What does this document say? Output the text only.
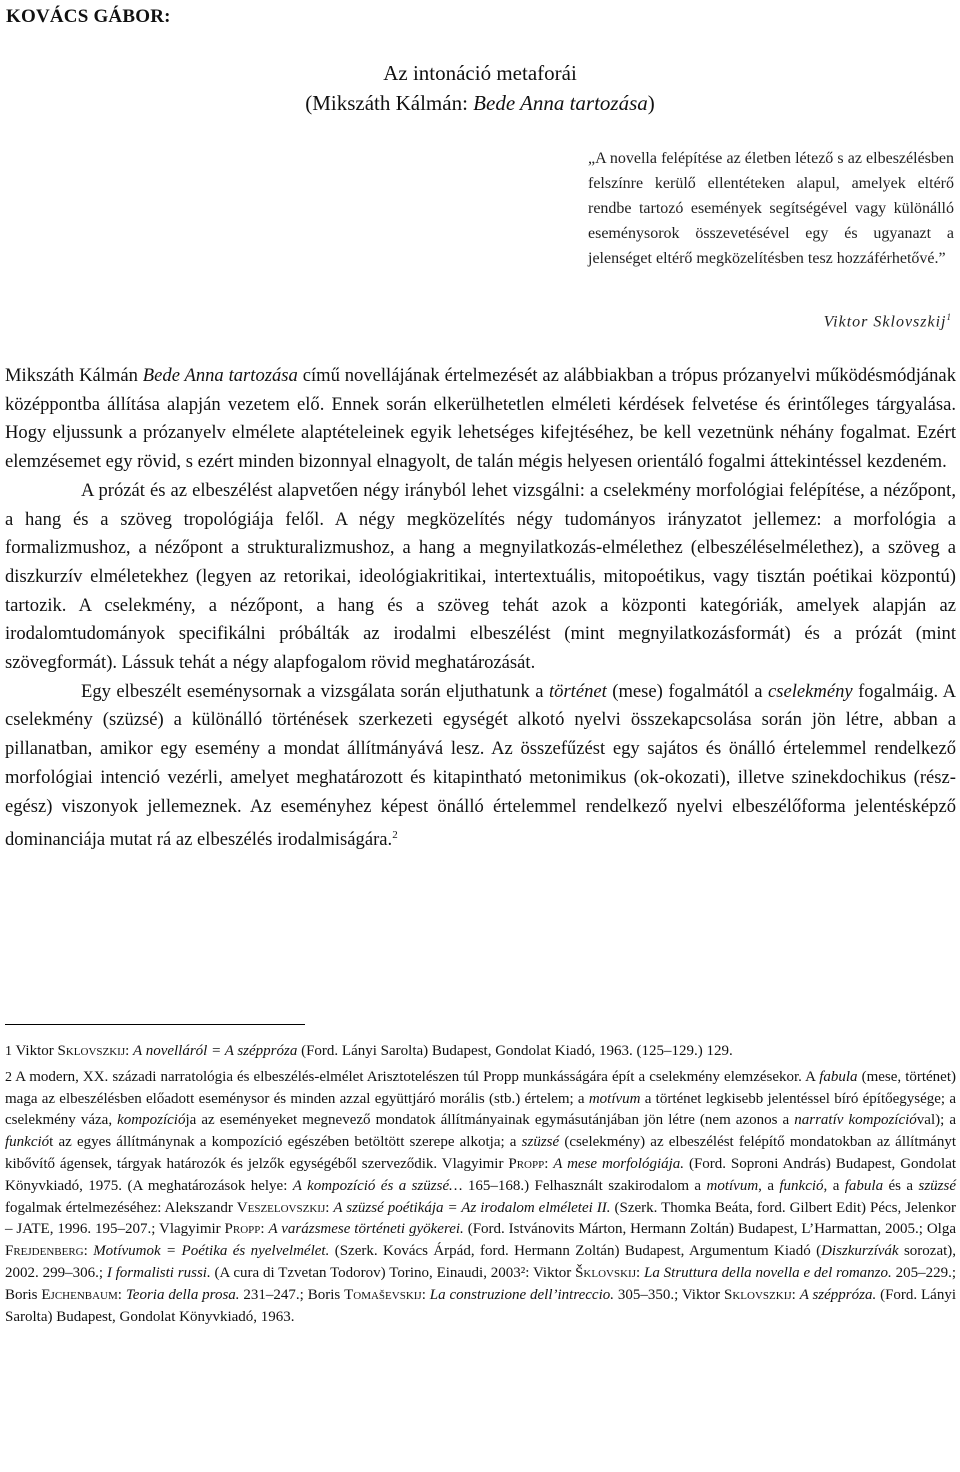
KOVÁCS GÁBOR:

Az intonáció metaforái

(Mikszáth Kálmán: Bede Anna tartozása)

„A novella felépítése az életben létező s az elbeszélésben felszínre kerülő ellentéteken alapul, amelyek eltérő rendbe tartozó események segítségével vagy különálló eseménysorok összevetésével egy és ugyanazt a jelenséget eltérő megközelítésben tesz hozzáférhetővé.”

Viktor Sklovszkij$^1$

Mikszáth Kálmán Bede Anna tartozása című novellájának értelmezését az alábbiakban a trópus prózanyelvi működésmódjának középpontba állítása alapján vezetem elő. Ennek során elkerülhetetlen elméleti kérdések felvetése és érintőleges tárgyalása. Hogy eljussunk a prózanyelv elmélete alaptételeinek egyik lehetséges kifejtéséhez, be kell vezetnünk néhány fogalmat. Ezért elemzésemet egy rövid, s ezért minden bizonnyal elnagyolt, de talán mégis helyesen orientáló fogalmi áttekintéssel kezdeném.

A prózát és az elbeszélést alapvetően négy irányból lehet vizsgálni: a cselekmény morfológiai felépítése, a nézőpont, a hang és a szöveg tropológiája felől. A négy megközelítés négy tudományos irányzatot jellemez: a morfológia a formalizmushoz, a nézőpont a strukturalizmushoz, a hang a megnyilatkozás-elmélethez (elbeszéléselmélethez), a szöveg a diszkurzív elméletekhez (legyen az retorikai, ideológiakritikai, intertextuális, mitopoétikus, vagy tisztán poétikai központú) tartozik. A cselekmény, a nézőpont, a hang és a szöveg tehát azok a központi kategóriák, amelyek alapján az irodalomtudományok specifikálni próbálták az irodalmi elbeszélést (mint megnyilatkozásformát) és a prózát (mint szövegformát). Lássuk tehát a négy alapfogalom rövid meghatározását.

Egy elbeszélt eseménysornak a vizsgálata során eljuthatunk a történet (mese) fogalmától a cselekmény fogalmáig. A cselekmény (szüzsé) a különálló történések szerkezeti egységét alkotó nyelvi összekapcsolása során jön létre, abban a pillanatban, amikor egy esemény a mondat állítmányává lesz. Az összefűzést egy sajátos és önálló értelemmel rendelkező morfológiai intenció vezérli, amelyet meghatározott és kitapintható metonimikus (ok-okozati), illetve szinekdochikus (rész-egész) viszonyok jellemeznek. Az eseményhez képest önálló értelemmel rendelkező nyelvi elbeszélőforma jelentésképző dominanciája mutat rá az elbeszélés irodalmiságára.$^2$

1 Viktor Sklovszkij: A novelláról = A széppróza (Ford. Lányi Sarolta) Budapest, Gondolat Kiadó, 1963. (125–129.) 129.

2 A modern, XX. századi narratológia és elbeszélés-elmélet Arisztotelészen túl Propp munkásságára épít a cselekmény elemzésekor. A fabula (mese, történet) maga az elbeszélésben előadott eseménysor és minden azzal együttjáró morális (stb.) értelem; a motívum a történet legkisebb jelentéssel bíró építőegysége; a cselekmény váza, kompozíciója az eseményeket megnevező mondatok állítmányainak egymásutánjában jön létre (nem azonos a narratív kompozícióval); a funkciót az egyes állítmánynak a kompozíció egészében betöltött szerepe alkotja; a szüzsé (cselekmény) az elbeszélést felépítő mondatokban az állítmányt kibővítő ágensek, tárgyak határozók és jelzők egységéből szerveződik. Vlagyimir Propp: A mese morfológiája. (Ford. Soproni András) Budapest, Gondolat Könyvkiadó, 1975. (A meghatározások helye: A kompozíció és a szüzsé… 165–168.) Felhasznált szakirodalom a motívum, a funkció, a fabula és a szüzsé fogalmak értelmezéséhez: Alekszandr Veszelovszkij: A szüzsé poétikája = Az irodalom elméletei II. (Szerk. Thomka Beáta, ford. Gilbert Edit) Pécs, Jelenkor – JATE, 1996. 195–207.; Vlagyimir Propp: A varázsmese történeti gyökerei. (Ford. Istvánovits Márton, Hermann Zoltán) Budapest, L’Harmattan, 2005.; Olga Frejdenberg: Motívumok = Poétika és nyelvelmélet. (Szerk. Kovács Árpád, ford. Hermann Zoltán) Budapest, Argumentum Kiadó (Diszkurzívák sorozat), 2002. 299–306.; I formalisti russi. (A cura di Tzvetan Todorov) Torino, Einaudi, 2003²: Viktor Šklovskij: La Struttura della novella e del romanzo. 205–229.; Boris Ejchenbaum: Teoria della prosa. 231–247.; Boris Tomaševskij: La construzione dell’intreccio. 305–350.; Viktor Sklovszkij: A széppróza. (Ford. Lányi Sarolta) Budapest, Gondolat Könyvkiadó, 1963.
